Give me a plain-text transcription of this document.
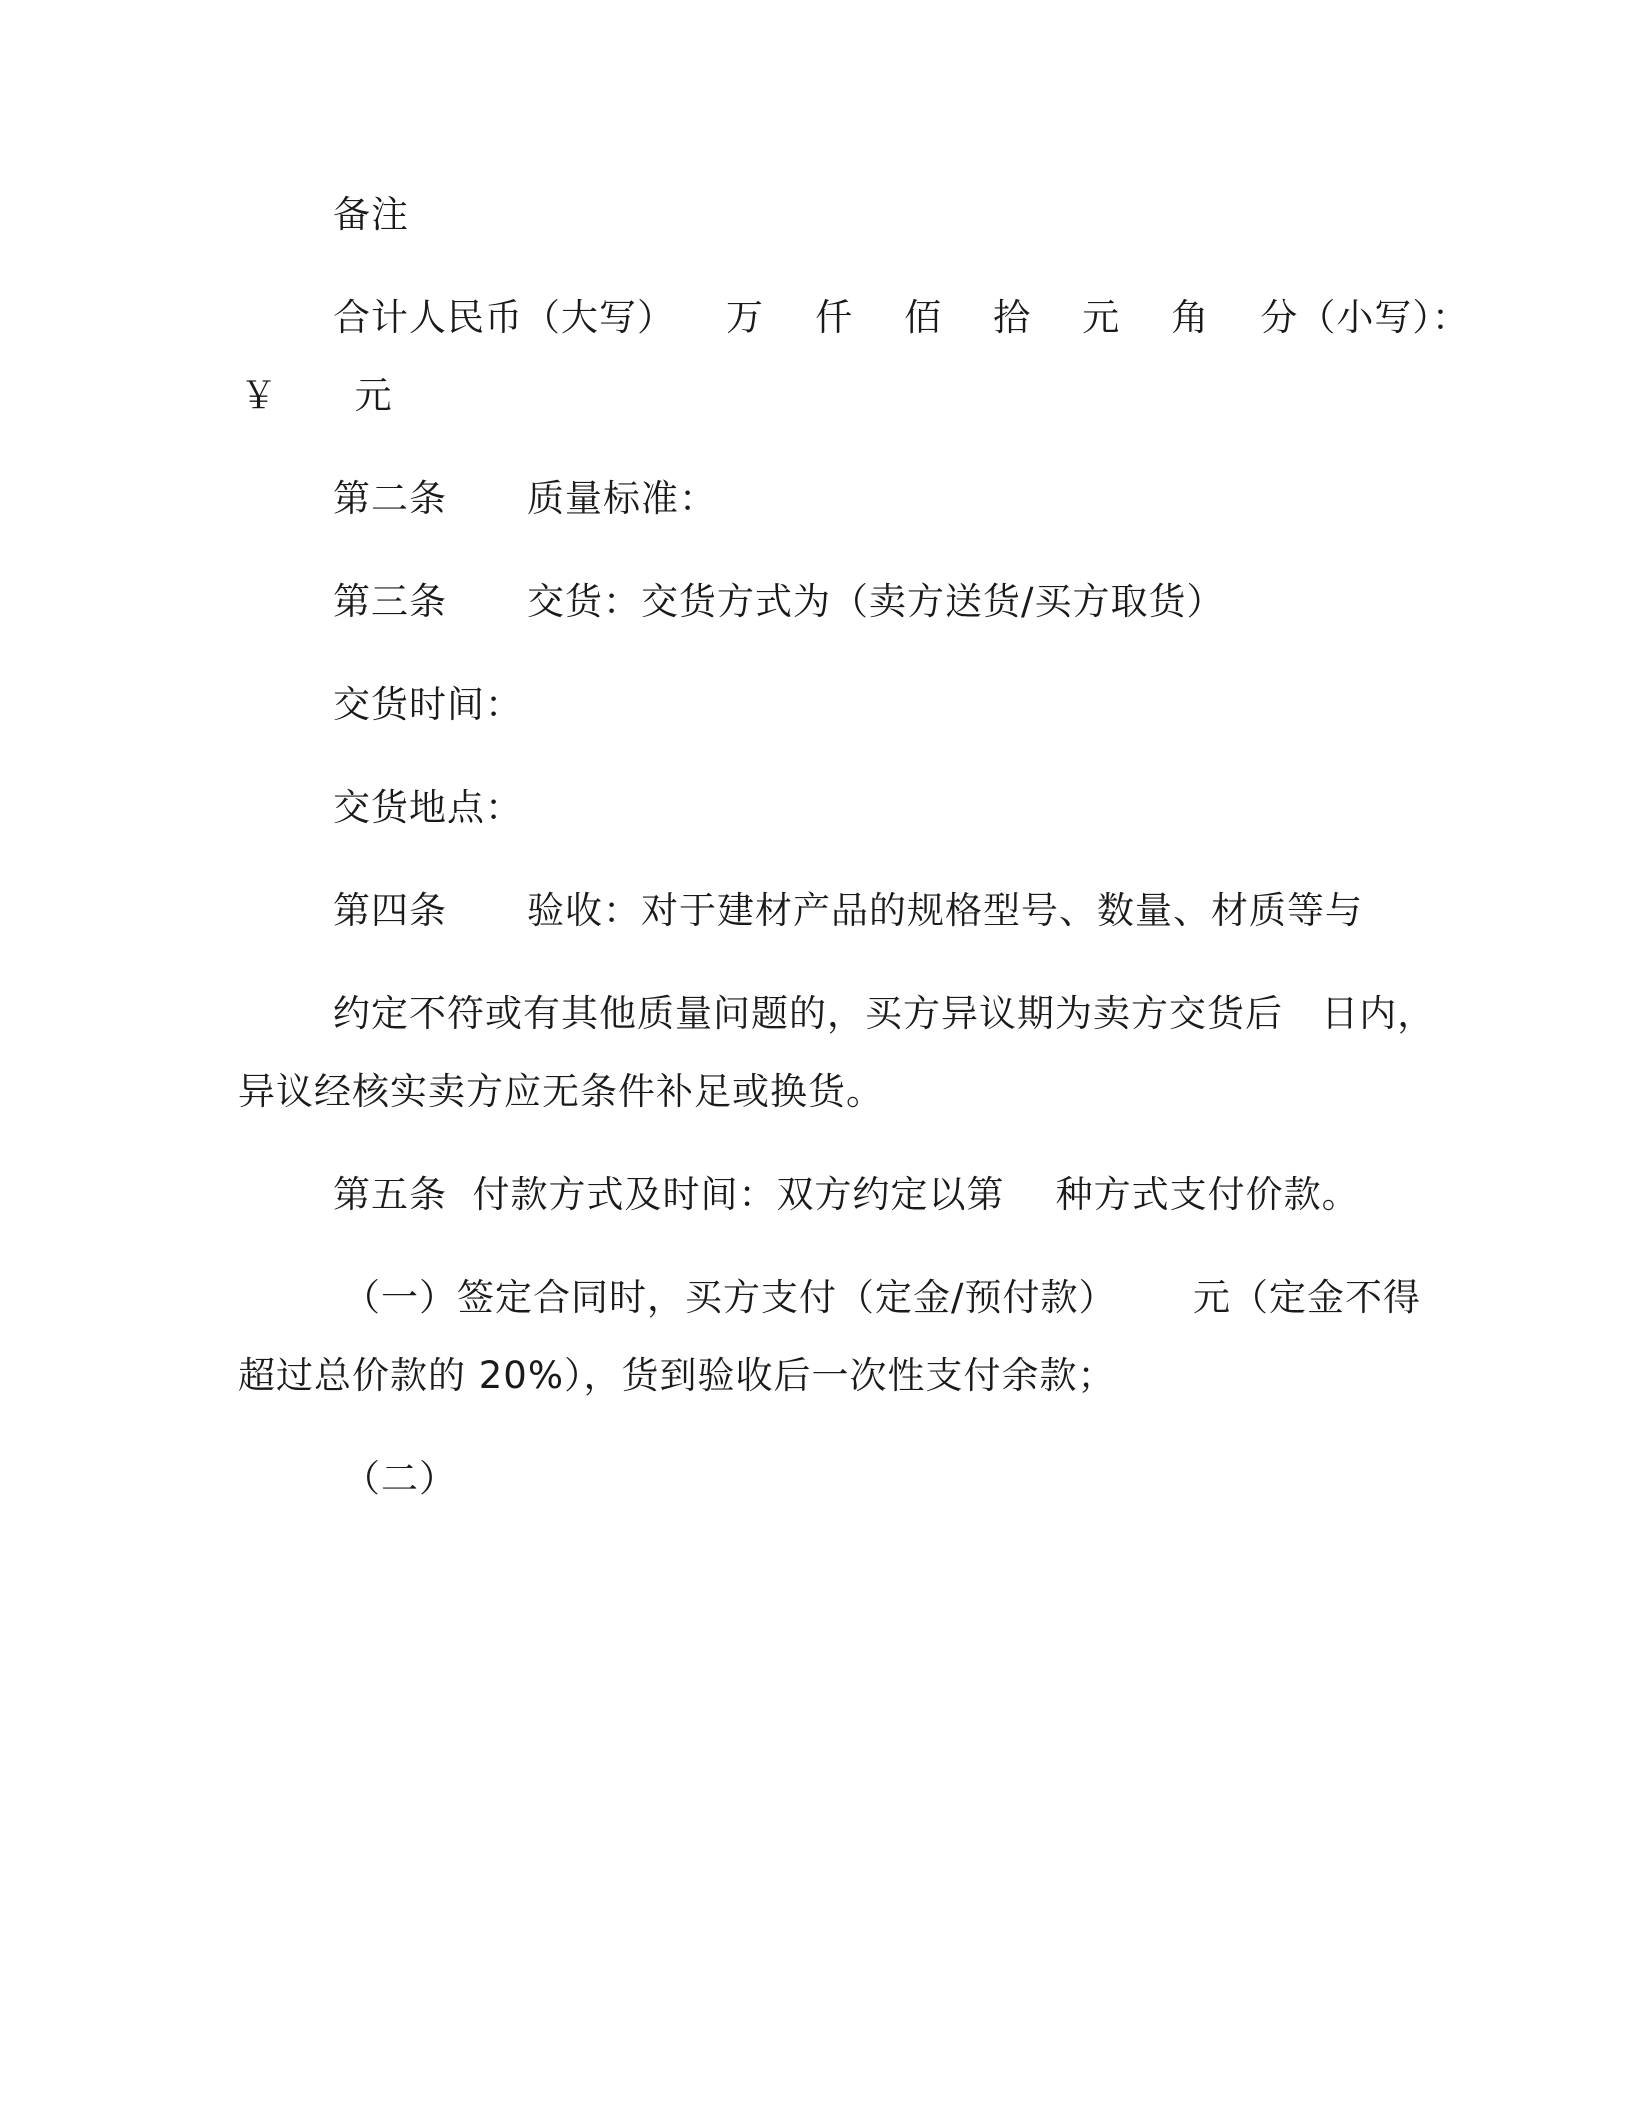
备注
合计人民币（大写）    万    仟    佰    拾    元    角    分（小写）：
￥      元
第二条 质量标准：
第三条 交货：交货方式为（卖方送货/买方取货）
交货时间：
交货地点：
第四条 验收：对于建材产品的规格型号、数量、材质等与
约定不符或有其他质量问题的，买方异议期为卖方交货后   日内，
异议经核实卖方应无条件补足或换货。
第五条  付款方式及时间：双方约定以第    种方式支付价款。
（一）签定合同时，买方支付（定金/预付款）      元（定金不得
超过总价款的 20%），货到验收后一次性支付余款；
（二）
